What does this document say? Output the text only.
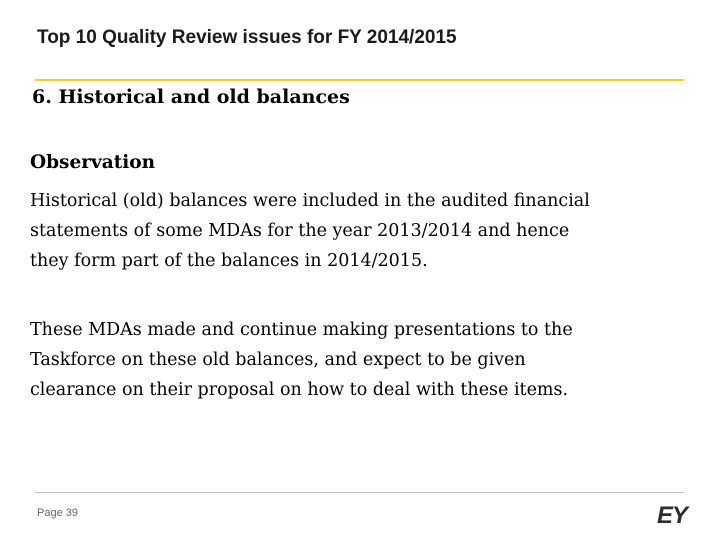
Top 10 Quality Review issues for FY 2014/2015
6. Historical and old balances
Observation

Historical (old) balances were included in the audited financial
statements of some MDAs for the year 2013/2014 and hence
they form part of the balances in 2014/2015.

These MDAs made and continue making presentations to the
Taskforce on these old balances, and expect to be given
clearance on their proposal on how to deal with these items.

Page 39	EY
